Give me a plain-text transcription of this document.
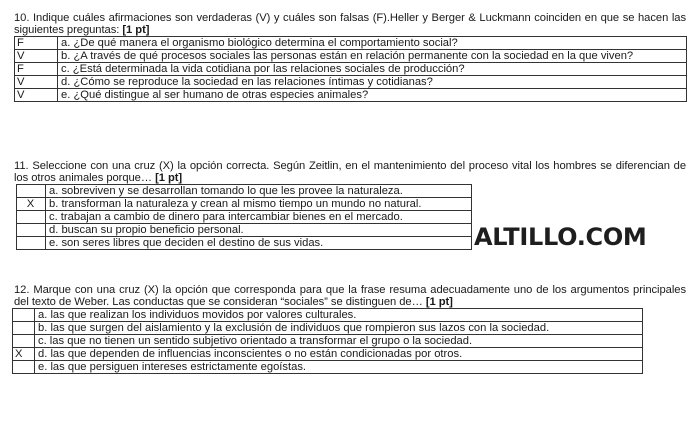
10. Indique cuáles afirmaciones son verdaderas (V) y cuáles son falsas (F).Heller y Berger & Luckmann coinciden en que se hacen las siguientes preguntas: [1 pt]

F	a. ¿De qué manera el organismo biológico determina el comportamiento social?
V	b. ¿A través de qué procesos sociales las personas están en relación permanente con la sociedad en la que viven?
F	c. ¿Está determinada la vida cotidiana por las relaciones sociales de producción?
V	d. ¿Cómo se reproduce la sociedad en las relaciones íntimas y cotidianas?
V	e. ¿Qué distingue al ser humano de otras especies animales?

11. Seleccione con una cruz (X) la opción correcta. Según Zeitlin, en el mantenimiento del proceso vital los hombres se diferencian de los otros animales porque… [1 pt]

	a. sobreviven y se desarrollan tomando lo que les provee la naturaleza.
X	b. transforman la naturaleza y crean al mismo tiempo un mundo no natural.
	c. trabajan a cambio de dinero para intercambiar bienes en el mercado.
	d. buscan su propio beneficio personal.
	e. son seres libres que deciden el destino de sus vidas.

12. Marque con una cruz (X) la opción que corresponda para que la frase resuma adecuadamente uno de los argumentos principales del texto de Weber. Las conductas que se consideran “sociales” se distinguen de… [1 pt]

	a. las que realizan los individuos movidos por valores culturales.
	b. las que surgen del aislamiento y la exclusión de individuos que rompieron sus lazos con la sociedad.
	c. las que no tienen un sentido subjetivo orientado a transformar el grupo o la sociedad.
X	d. las que dependen de influencias inconscientes o no están condicionadas por otros.
	e. las que persiguen intereses estrictamente egoístas.
ALTILLO.COM
